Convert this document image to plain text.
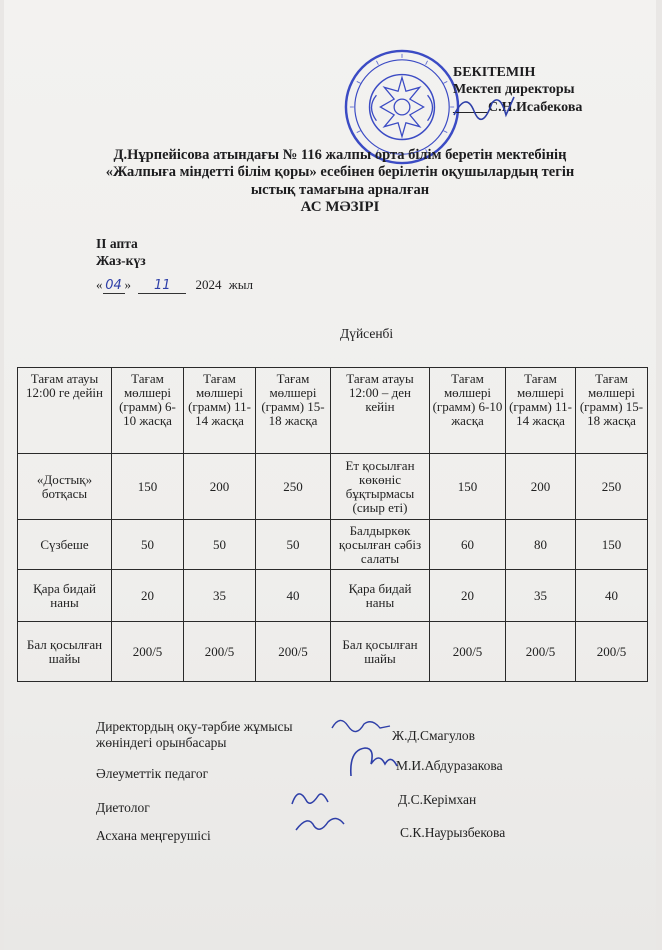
БЕКІТЕМІН
Мектеп директоры
_____С.Н.Исабекова
Д.Нұрпейісова атындағы № 116 жалпы орта білім беретін мектебінің
«Жалпыға міндетті білім қоры» есебінен берілетін оқушылардың тегін
ыстық тамағына арналған
АС МӘЗІРІ
II апта
Жаз-күз
« 04 » 11 2024 жыл
Дүйсенбі
Тағам атауы 12:00 ге дейін	Тағам мөлшері (грамм) 6-10 жасқа	Тағам мөлшері (грамм) 11-14 жасқа	Тағам мөлшері (грамм) 15-18 жасқа	Тағам атауы 12:00 – ден кейін	Тағам мөлшері (грамм) 6-10 жасқа	Тағам мөлшері (грамм) 11-14 жасқа	Тағам мөлшері (грамм) 15-18 жасқа
«Достық» ботқасы	150	200	250	Ет қосылған көкөніс бұқтырмасы (сиыр еті)	150	200	250
Сүзбеше	50	50	50	Балдыркөк қосылған сәбіз салаты	60	80	150
Қара бидай наны	20	35	40	Қара бидай наны	20	35	40
Бал қосылған шайы	200/5	200/5	200/5	Бал қосылған шайы	200/5	200/5	200/5
Директордың оқу-тәрбие жұмысы жөніндегі орынбасары	Ж.Д.Смагулов
Әлеуметтік педагог
М.И.Абдуразакова
Диетолог
Д.С.Керімхан
Асхана меңгерушісі	С.К.Наурызбекова
